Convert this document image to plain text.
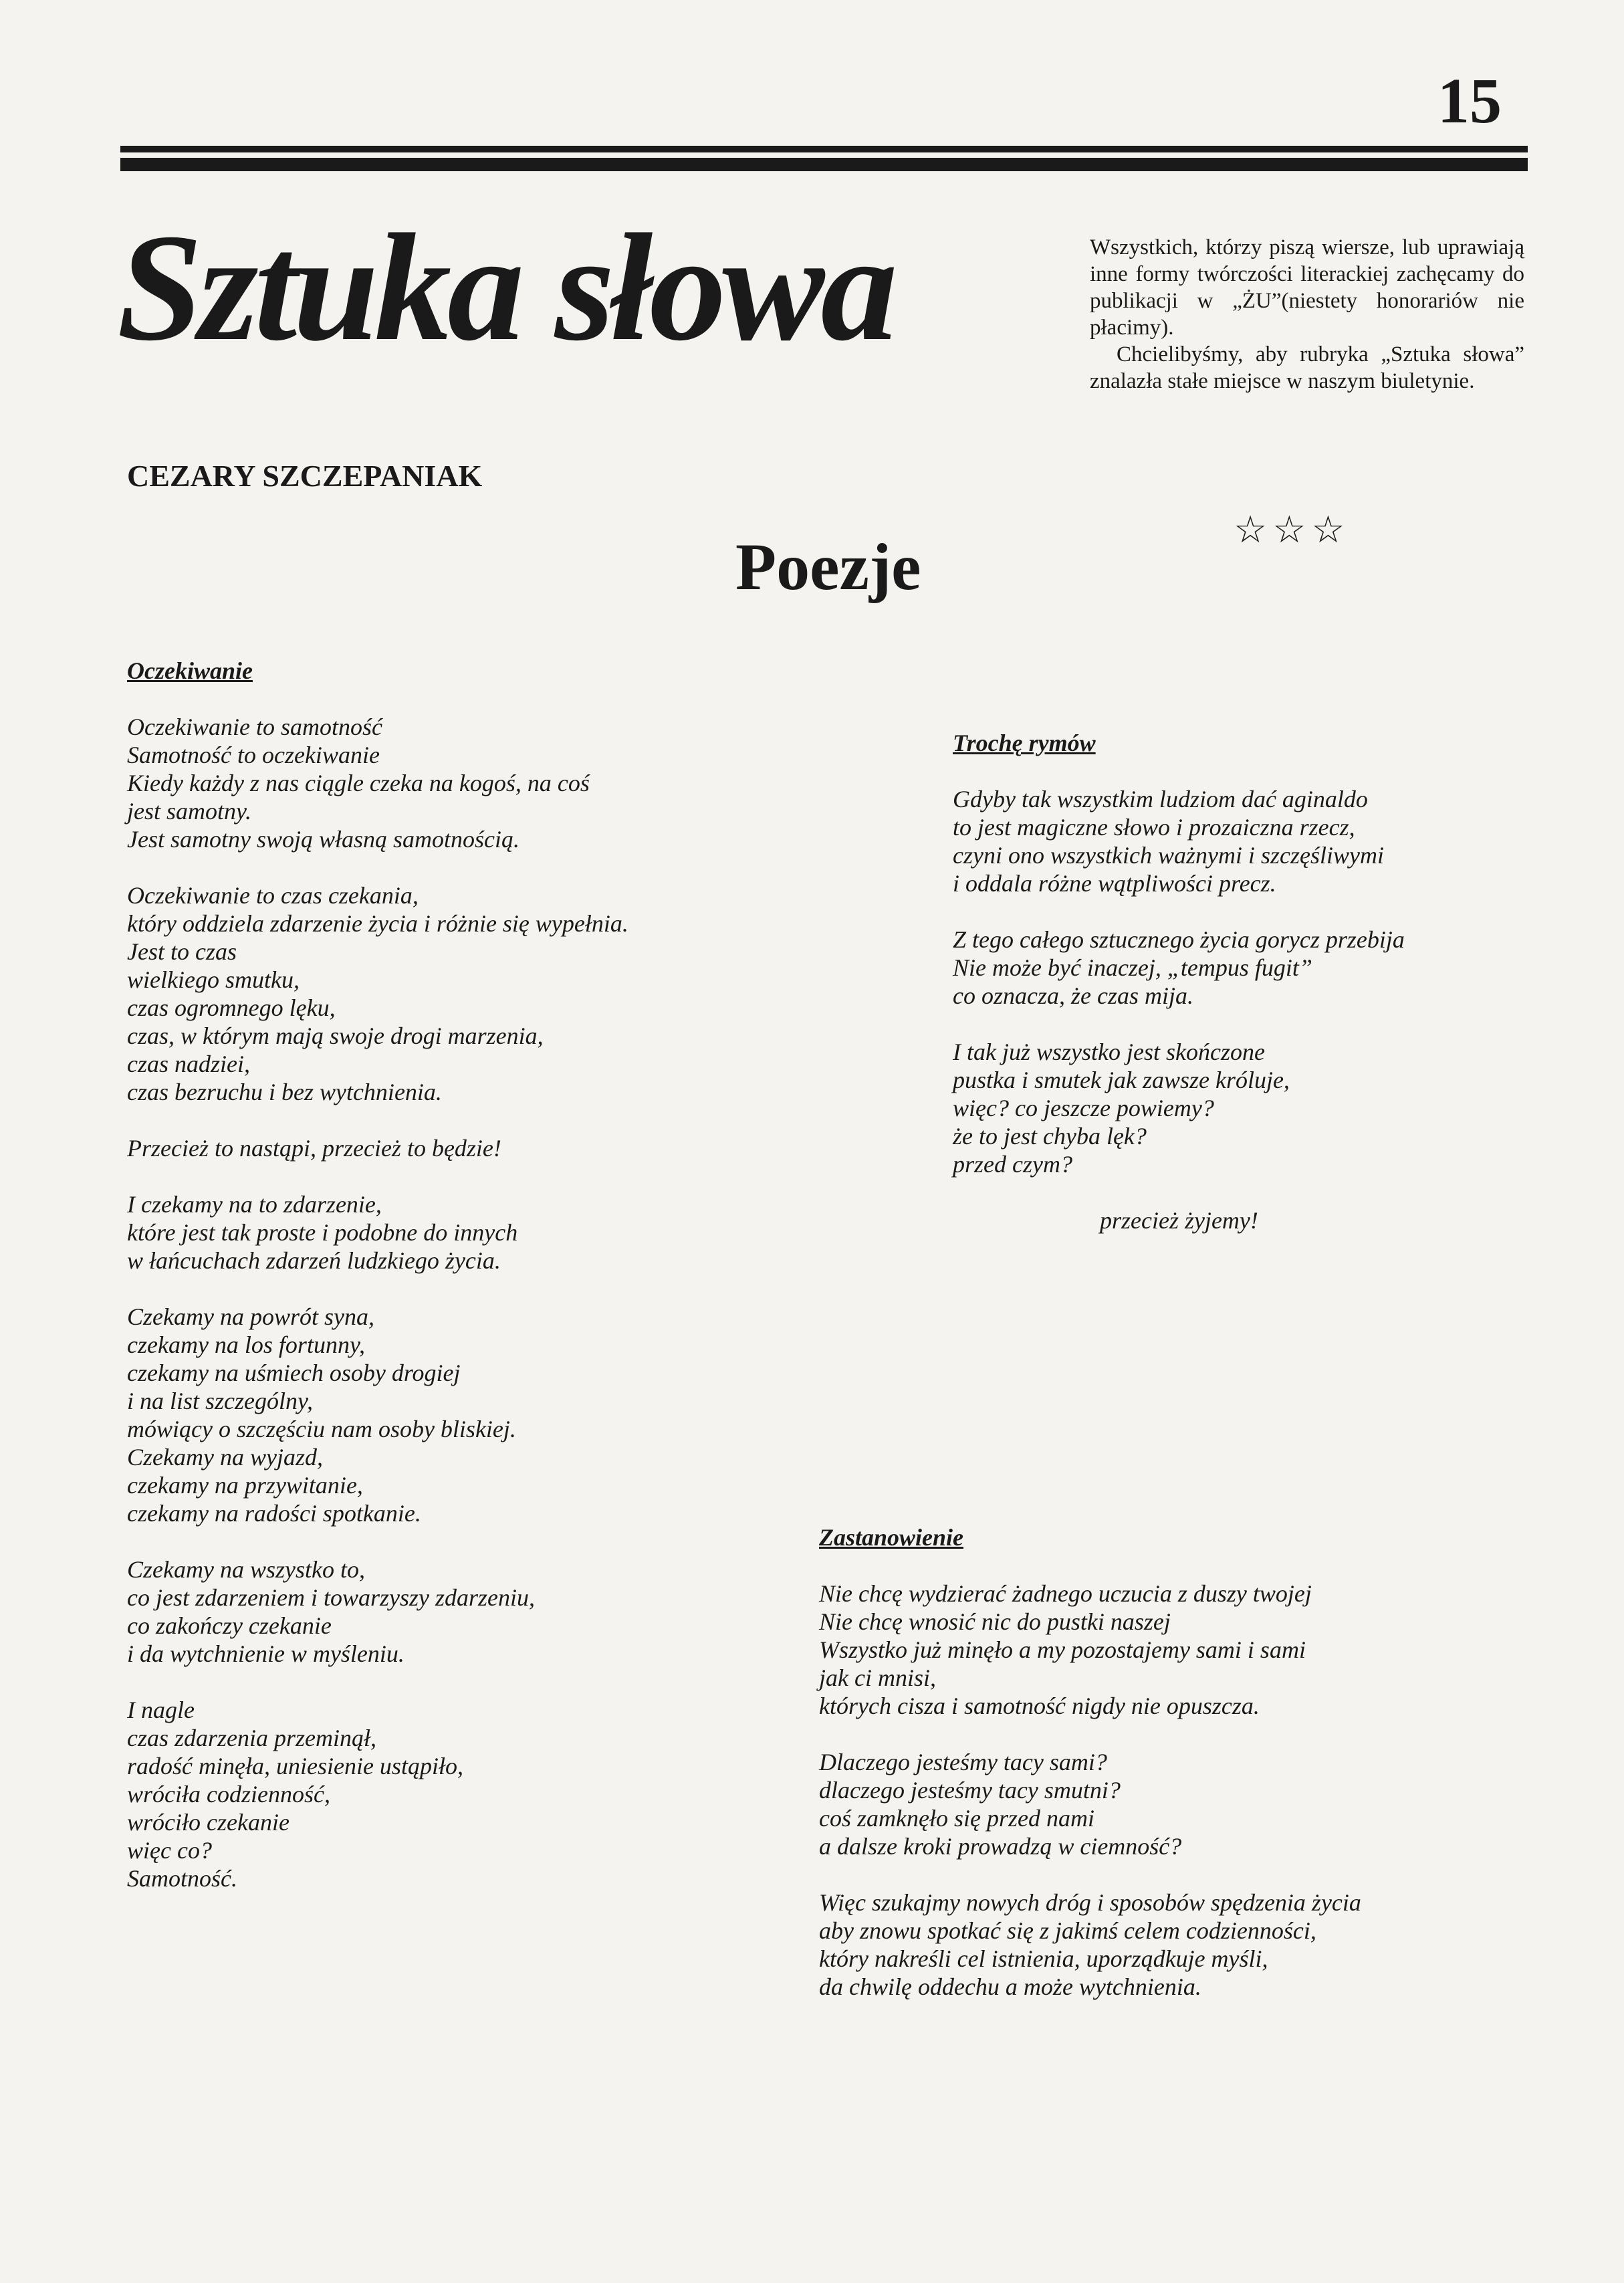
15
Sztuka słowa	Wszystkich, którzy piszą wiersze, lub uprawiają inne formy twórczości literackiej zachęcamy do publikacji w „ŻU”(niestety honorariów nie płacimy).

Chcielibyśmy, aby rubryka „Sztuka słowa” znalazła stałe miejsce w naszym biuletynie.

☆☆☆
CEZARY SZCZEPANIAK
Poezje
Oczekiwanie
Oczekiwanie to samotność
Samotność to oczekiwanie
Kiedy każdy z nas ciągle czeka na kogoś, na coś
jest samotny.
Jest samotny swoją własną samotnością.
Oczekiwanie to czas czekania,
który oddziela zdarzenie życia i różnie się wypełnia.
Jest to czas
wielkiego smutku,
czas ogromnego lęku,
czas, w którym mają swoje drogi marzenia,
czas nadziei,
czas bezruchu i bez wytchnienia.
Przecież to nastąpi, przecież to będzie!
I czekamy na to zdarzenie,
które jest tak proste i podobne do innych
w łańcuchach zdarzeń ludzkiego życia.
Czekamy na powrót syna,
czekamy na los fortunny,
czekamy na uśmiech osoby drogiej
i na list szczególny,
mówiący o szczęściu nam osoby bliskiej.
Czekamy na wyjazd,
czekamy na przywitanie,
czekamy na radości spotkanie.
Czekamy na wszystko to,
co jest zdarzeniem i towarzyszy zdarzeniu,
co zakończy czekanie
i da wytchnienie w myśleniu.
I nagle
czas zdarzenia przeminął,
radość minęła, uniesienie ustąpiło,
wróciła codzienność,
wróciło czekanie
więc co?
Samotność.
Trochę rymów
Gdyby tak wszystkim ludziom dać aginaldo
to jest magiczne słowo i prozaiczna rzecz,
czyni ono wszystkich ważnymi i szczęśliwymi
i oddala różne wątpliwości precz.
Z tego całego sztucznego życia gorycz przebija
Nie może być inaczej, „tempus fugit”
co oznacza, że czas mija.
I tak już wszystko jest skończone
pustka i smutek jak zawsze króluje,
więc? co jeszcze powiemy?
że to jest chyba lęk?
przed czym?
przecież żyjemy!
Zastanowienie
Nie chcę wydzierać żadnego uczucia z duszy twojej
Nie chcę wnosić nic do pustki naszej
Wszystko już minęło a my pozostajemy sami i sami
jak ci mnisi,
których cisza i samotność nigdy nie opuszcza.
Dlaczego jesteśmy tacy sami?
dlaczego jesteśmy tacy smutni?
coś zamknęło się przed nami
a dalsze kroki prowadzą w ciemność?
Więc szukajmy nowych dróg i sposobów spędzenia życia
aby znowu spotkać się z jakimś celem codzienności,
który nakreśli cel istnienia, uporządkuje myśli,
da chwilę oddechu a może wytchnienia.
